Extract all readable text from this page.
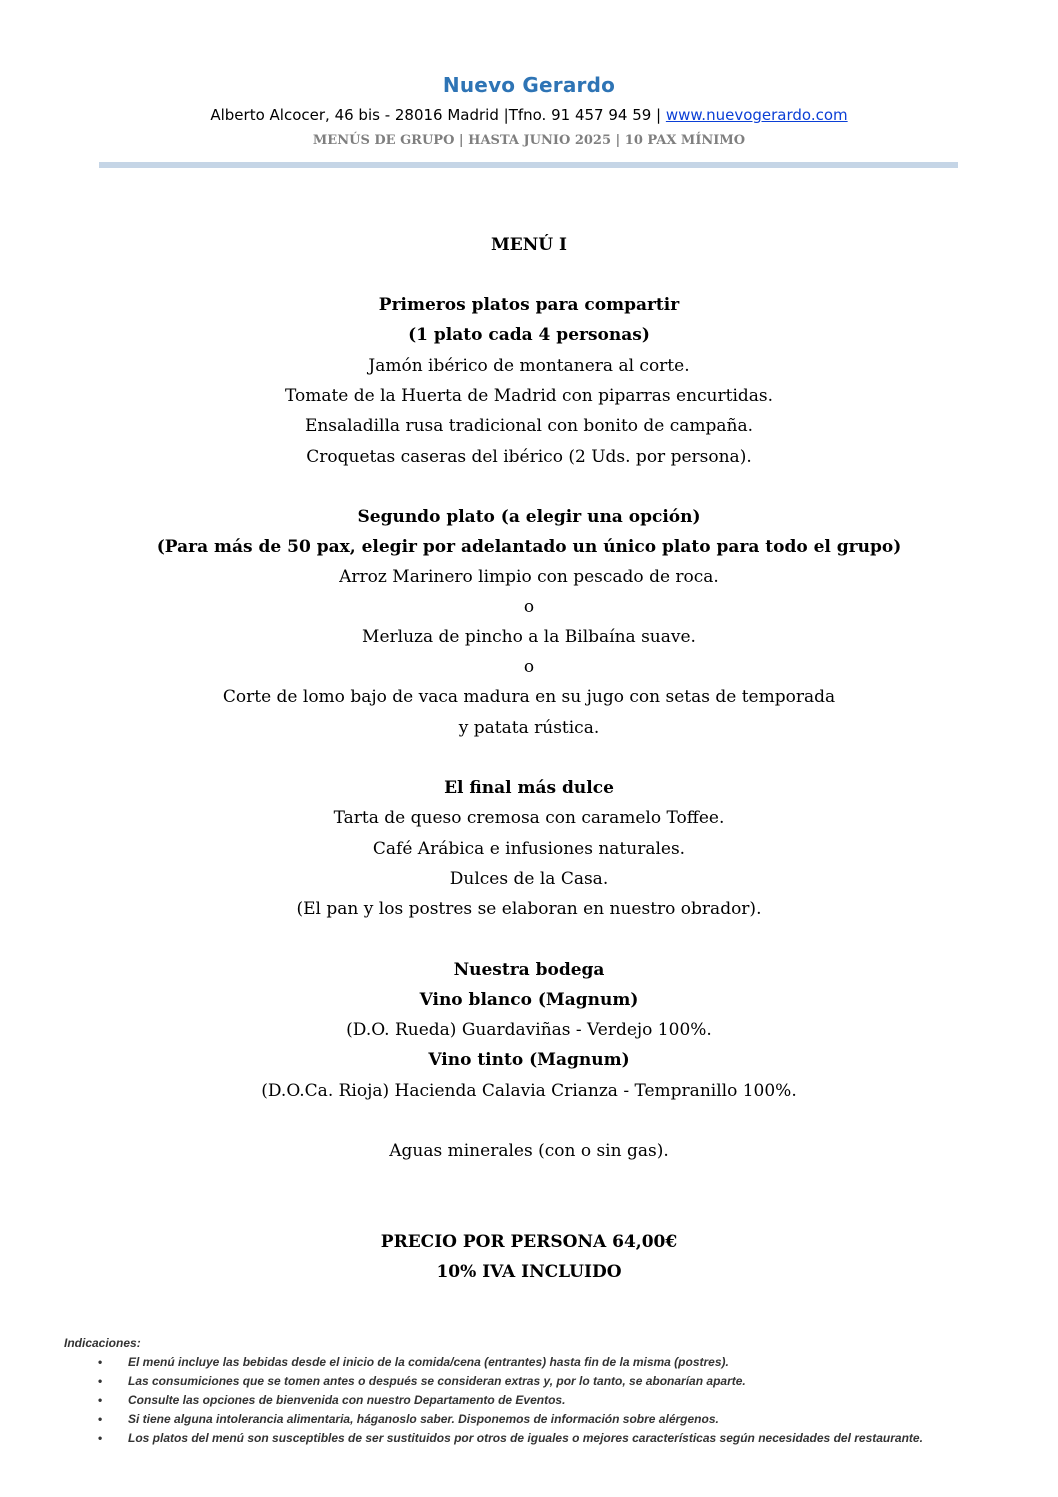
Nuevo Gerardo
Alberto Alcocer, 46 bis - 28016 Madrid |Tfno. 91 457 94 59 | www.nuevogerardo.com
MENÚS DE GRUPO | HASTA JUNIO 2025 | 10 PAX MÍNIMO
MENÚ I
Primeros platos para compartir
(1 plato cada 4 personas)
Jamón ibérico de montanera al corte.
Tomate de la Huerta de Madrid con piparras encurtidas.
Ensaladilla rusa tradicional con bonito de campaña.
Croquetas caseras del ibérico (2 Uds. por persona).
Segundo plato (a elegir una opción)
(Para más de 50 pax, elegir por adelantado un único plato para todo el grupo)
Arroz Marinero limpio con pescado de roca.
o
Merluza de pincho a la Bilbaína suave.
o
Corte de lomo bajo de vaca madura en su jugo con setas de temporada
y patata rústica.
El final más dulce
Tarta de queso cremosa con caramelo Toffee.
Café Arábica e infusiones naturales.
Dulces de la Casa.
(El pan y los postres se elaboran en nuestro obrador).
Nuestra bodega
Vino blanco (Magnum)
(D.O. Rueda) Guardaviñas - Verdejo 100%.
Vino tinto (Magnum)
(D.O.Ca. Rioja) Hacienda Calavia Crianza - Tempranillo 100%.
Aguas minerales (con o sin gas).
PRECIO POR PERSONA 64,00€
10% IVA INCLUIDO
Indicaciones:
• El menú incluye las bebidas desde el inicio de la comida/cena (entrantes) hasta fin de la misma (postres).
• Las consumiciones que se tomen antes o después se consideran extras y, por lo tanto, se abonarían aparte.
• Consulte las opciones de bienvenida con nuestro Departamento de Eventos.
• Si tiene alguna intolerancia alimentaria, háganoslo saber. Disponemos de información sobre alérgenos.
• Los platos del menú son susceptibles de ser sustituidos por otros de iguales o mejores características según necesidades del restaurante.
